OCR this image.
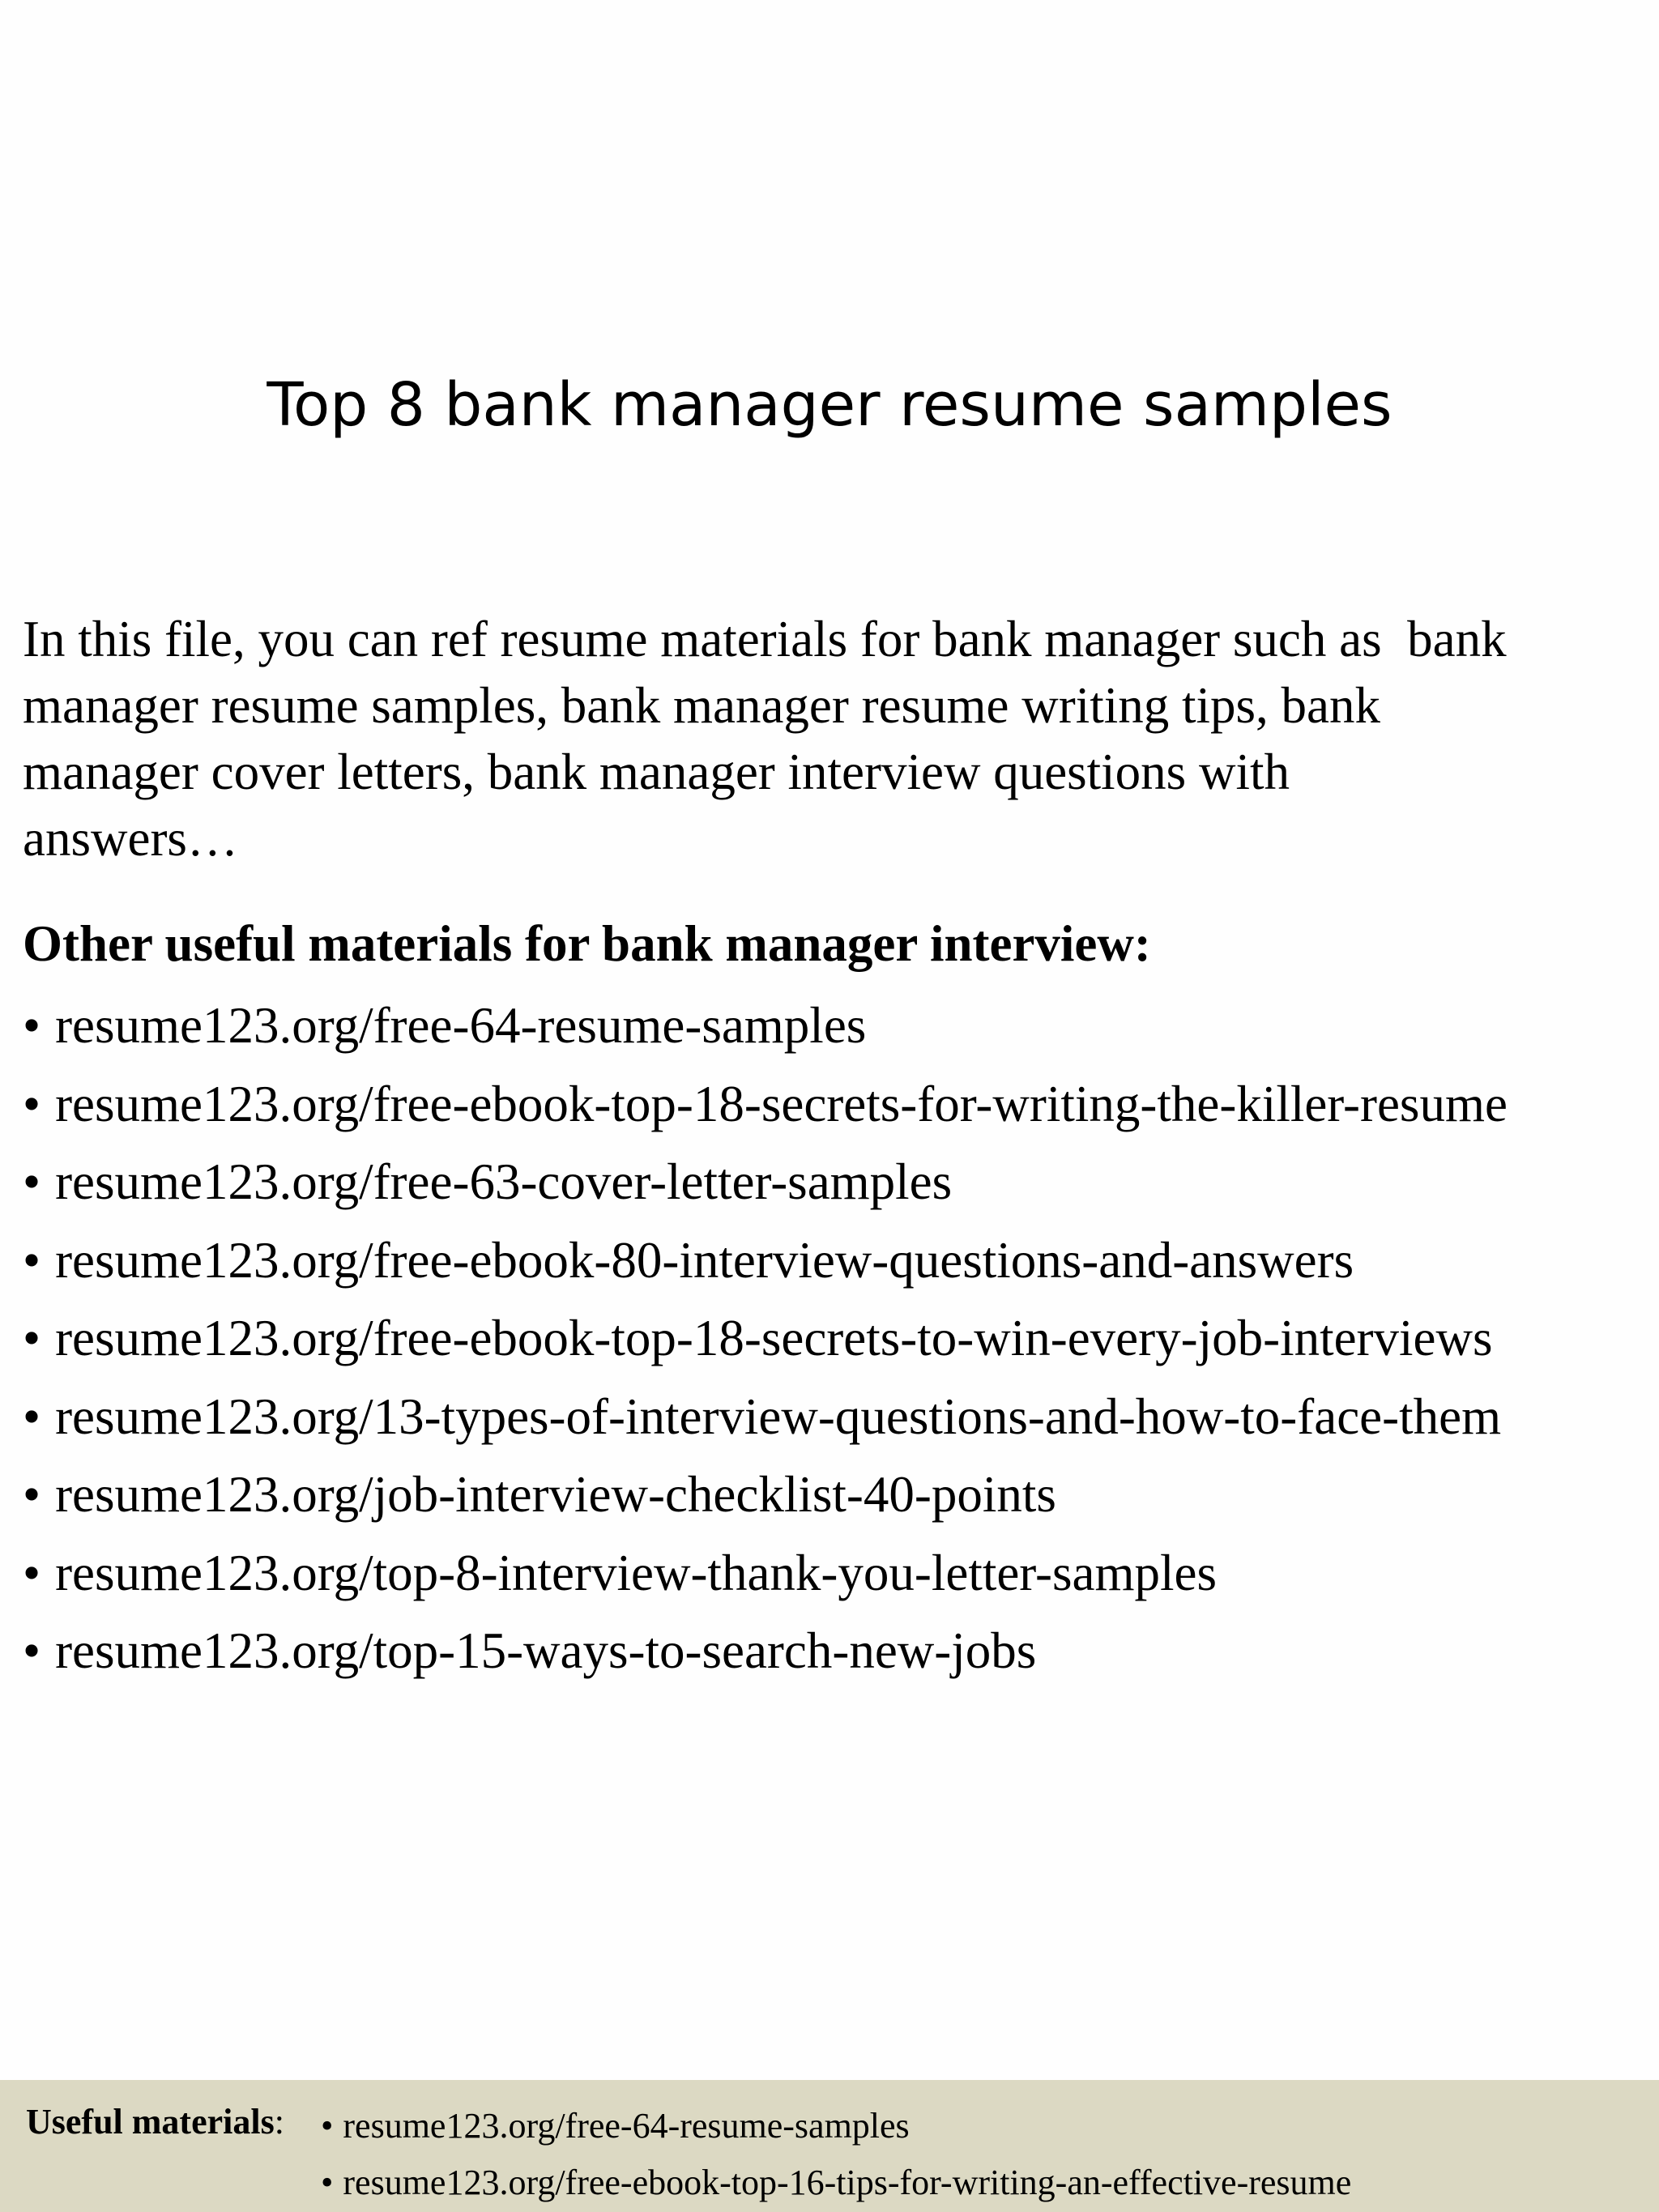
Top 8 bank manager resume samples

In this file, you can ref resume materials for bank manager such as  bank
manager resume samples, bank manager resume writing tips, bank
manager cover letters, bank manager interview questions with
answers…

Other useful materials for bank manager interview:
• resume123.org/free-64-resume-samples
• resume123.org/free-ebook-top-18-secrets-for-writing-the-killer-resume
• resume123.org/free-63-cover-letter-samples
• resume123.org/free-ebook-80-interview-questions-and-answers
• resume123.org/free-ebook-top-18-secrets-to-win-every-job-interviews
• resume123.org/13-types-of-interview-questions-and-how-to-face-them
• resume123.org/job-interview-checklist-40-points
• resume123.org/top-8-interview-thank-you-letter-samples
• resume123.org/top-15-ways-to-search-new-jobs
Useful materials: • resume123.org/free-64-resume-samples
• resume123.org/free-ebook-top-16-tips-for-writing-an-effective-resume
